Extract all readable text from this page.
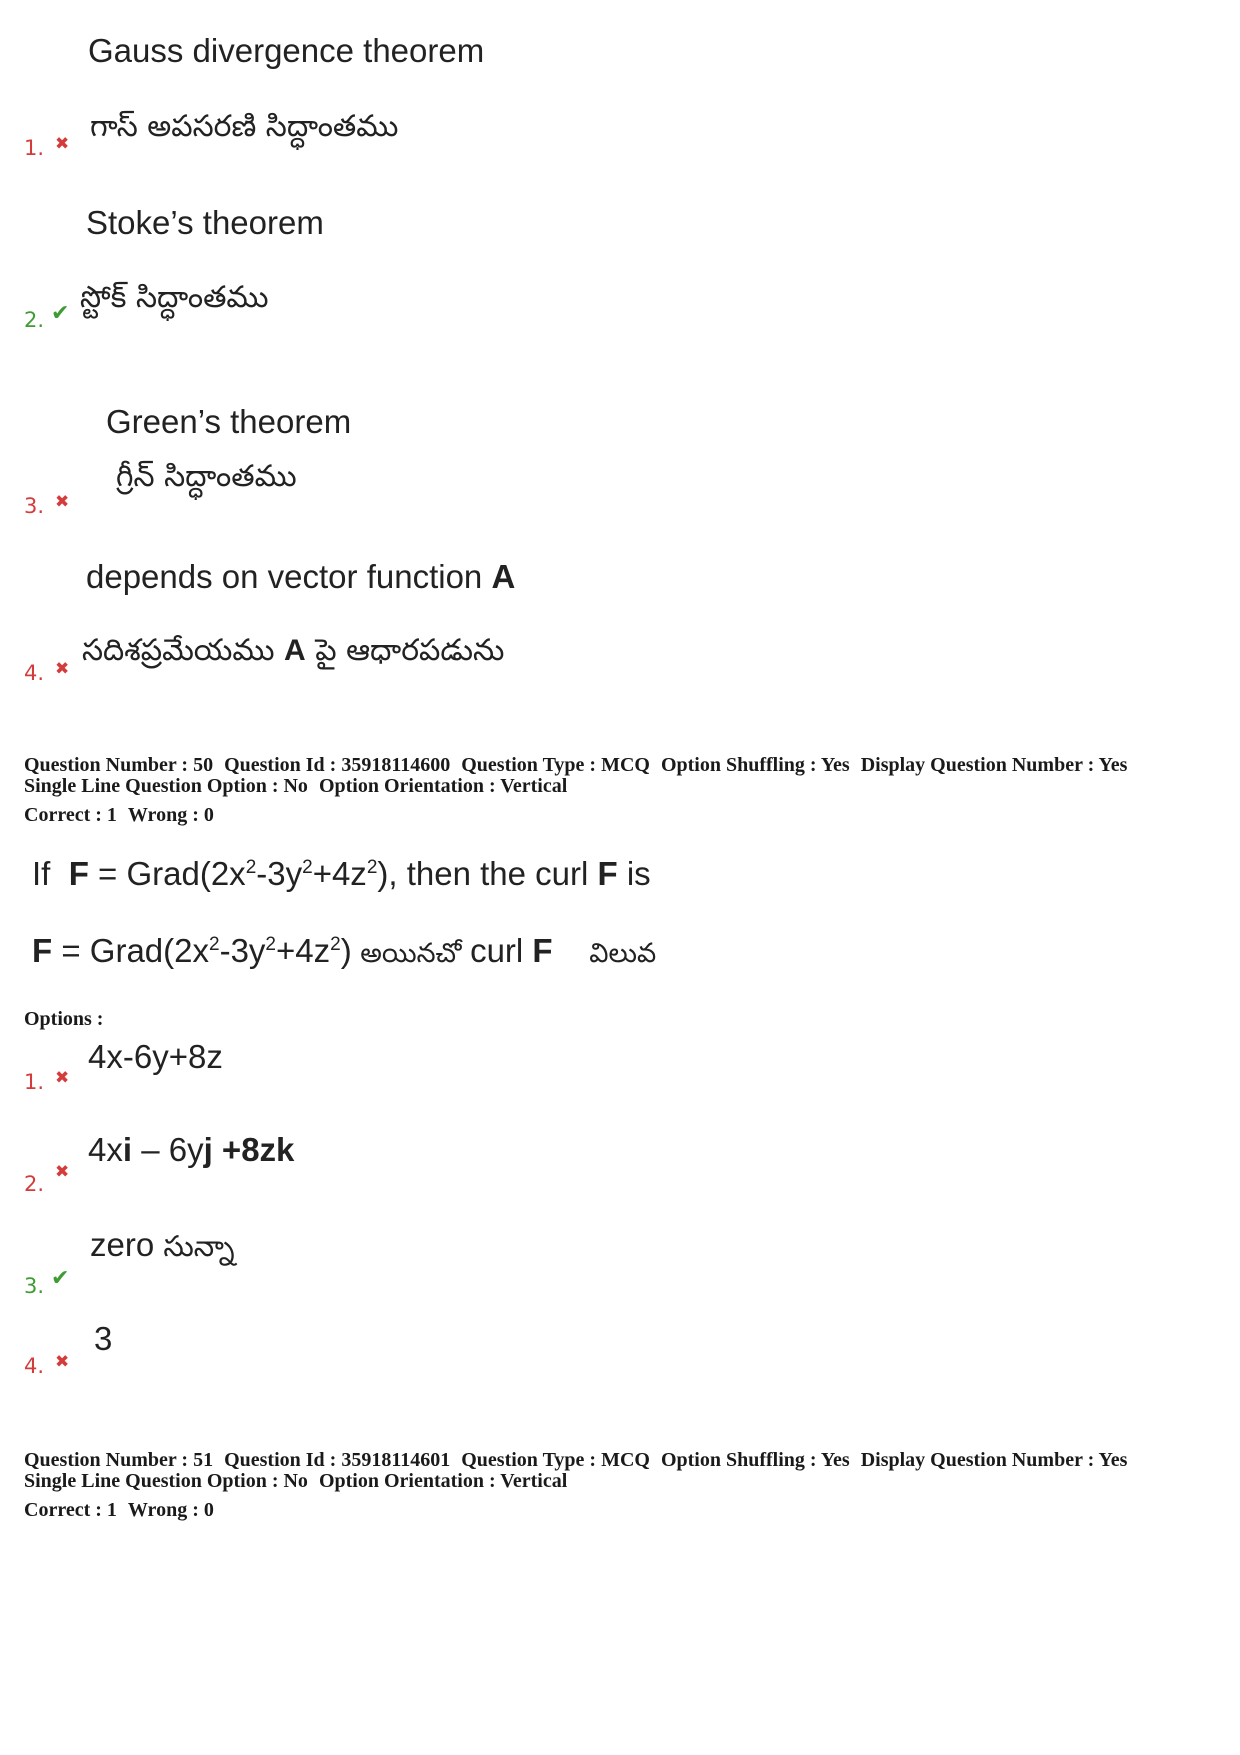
Gauss divergence theorem
1. ✖ గాస్ అపసరణి సిద్ధాంతము
Stoke’s theorem
2. ✔ స్టోక్ సిద్ధాంతము
Green’s theorem
గ్రీన్ సిద్ధాంతము
3. ✖
depends on vector function A
4. ✖
సదిశప్రమేయము A పై ఆధారపడును
Question Number : 50 Question Id : 35918114600 Question Type : MCQ Option Shuffling : Yes Display Question Number : Yes
Single Line Question Option : No Option Orientation : Vertical
Correct : 1 Wrong : 0
If $F = Grad(2x^2-3y^2+4z^2)$, then the curl F is
$F = Grad(2x^2-3y^2+4z^2)$ అయినచో curl F విలువ
Options :
4x-6y+8z
1. ✖
4xi – 6yj +8zk
2. ✖
zero సున్నా
3. ✔
3
4. ✖
Question Number : 51 Question Id : 35918114601 Question Type : MCQ Option Shuffling : Yes Display Question Number : Yes
Single Line Question Option : No Option Orientation : Vertical
Correct : 1 Wrong : 0
